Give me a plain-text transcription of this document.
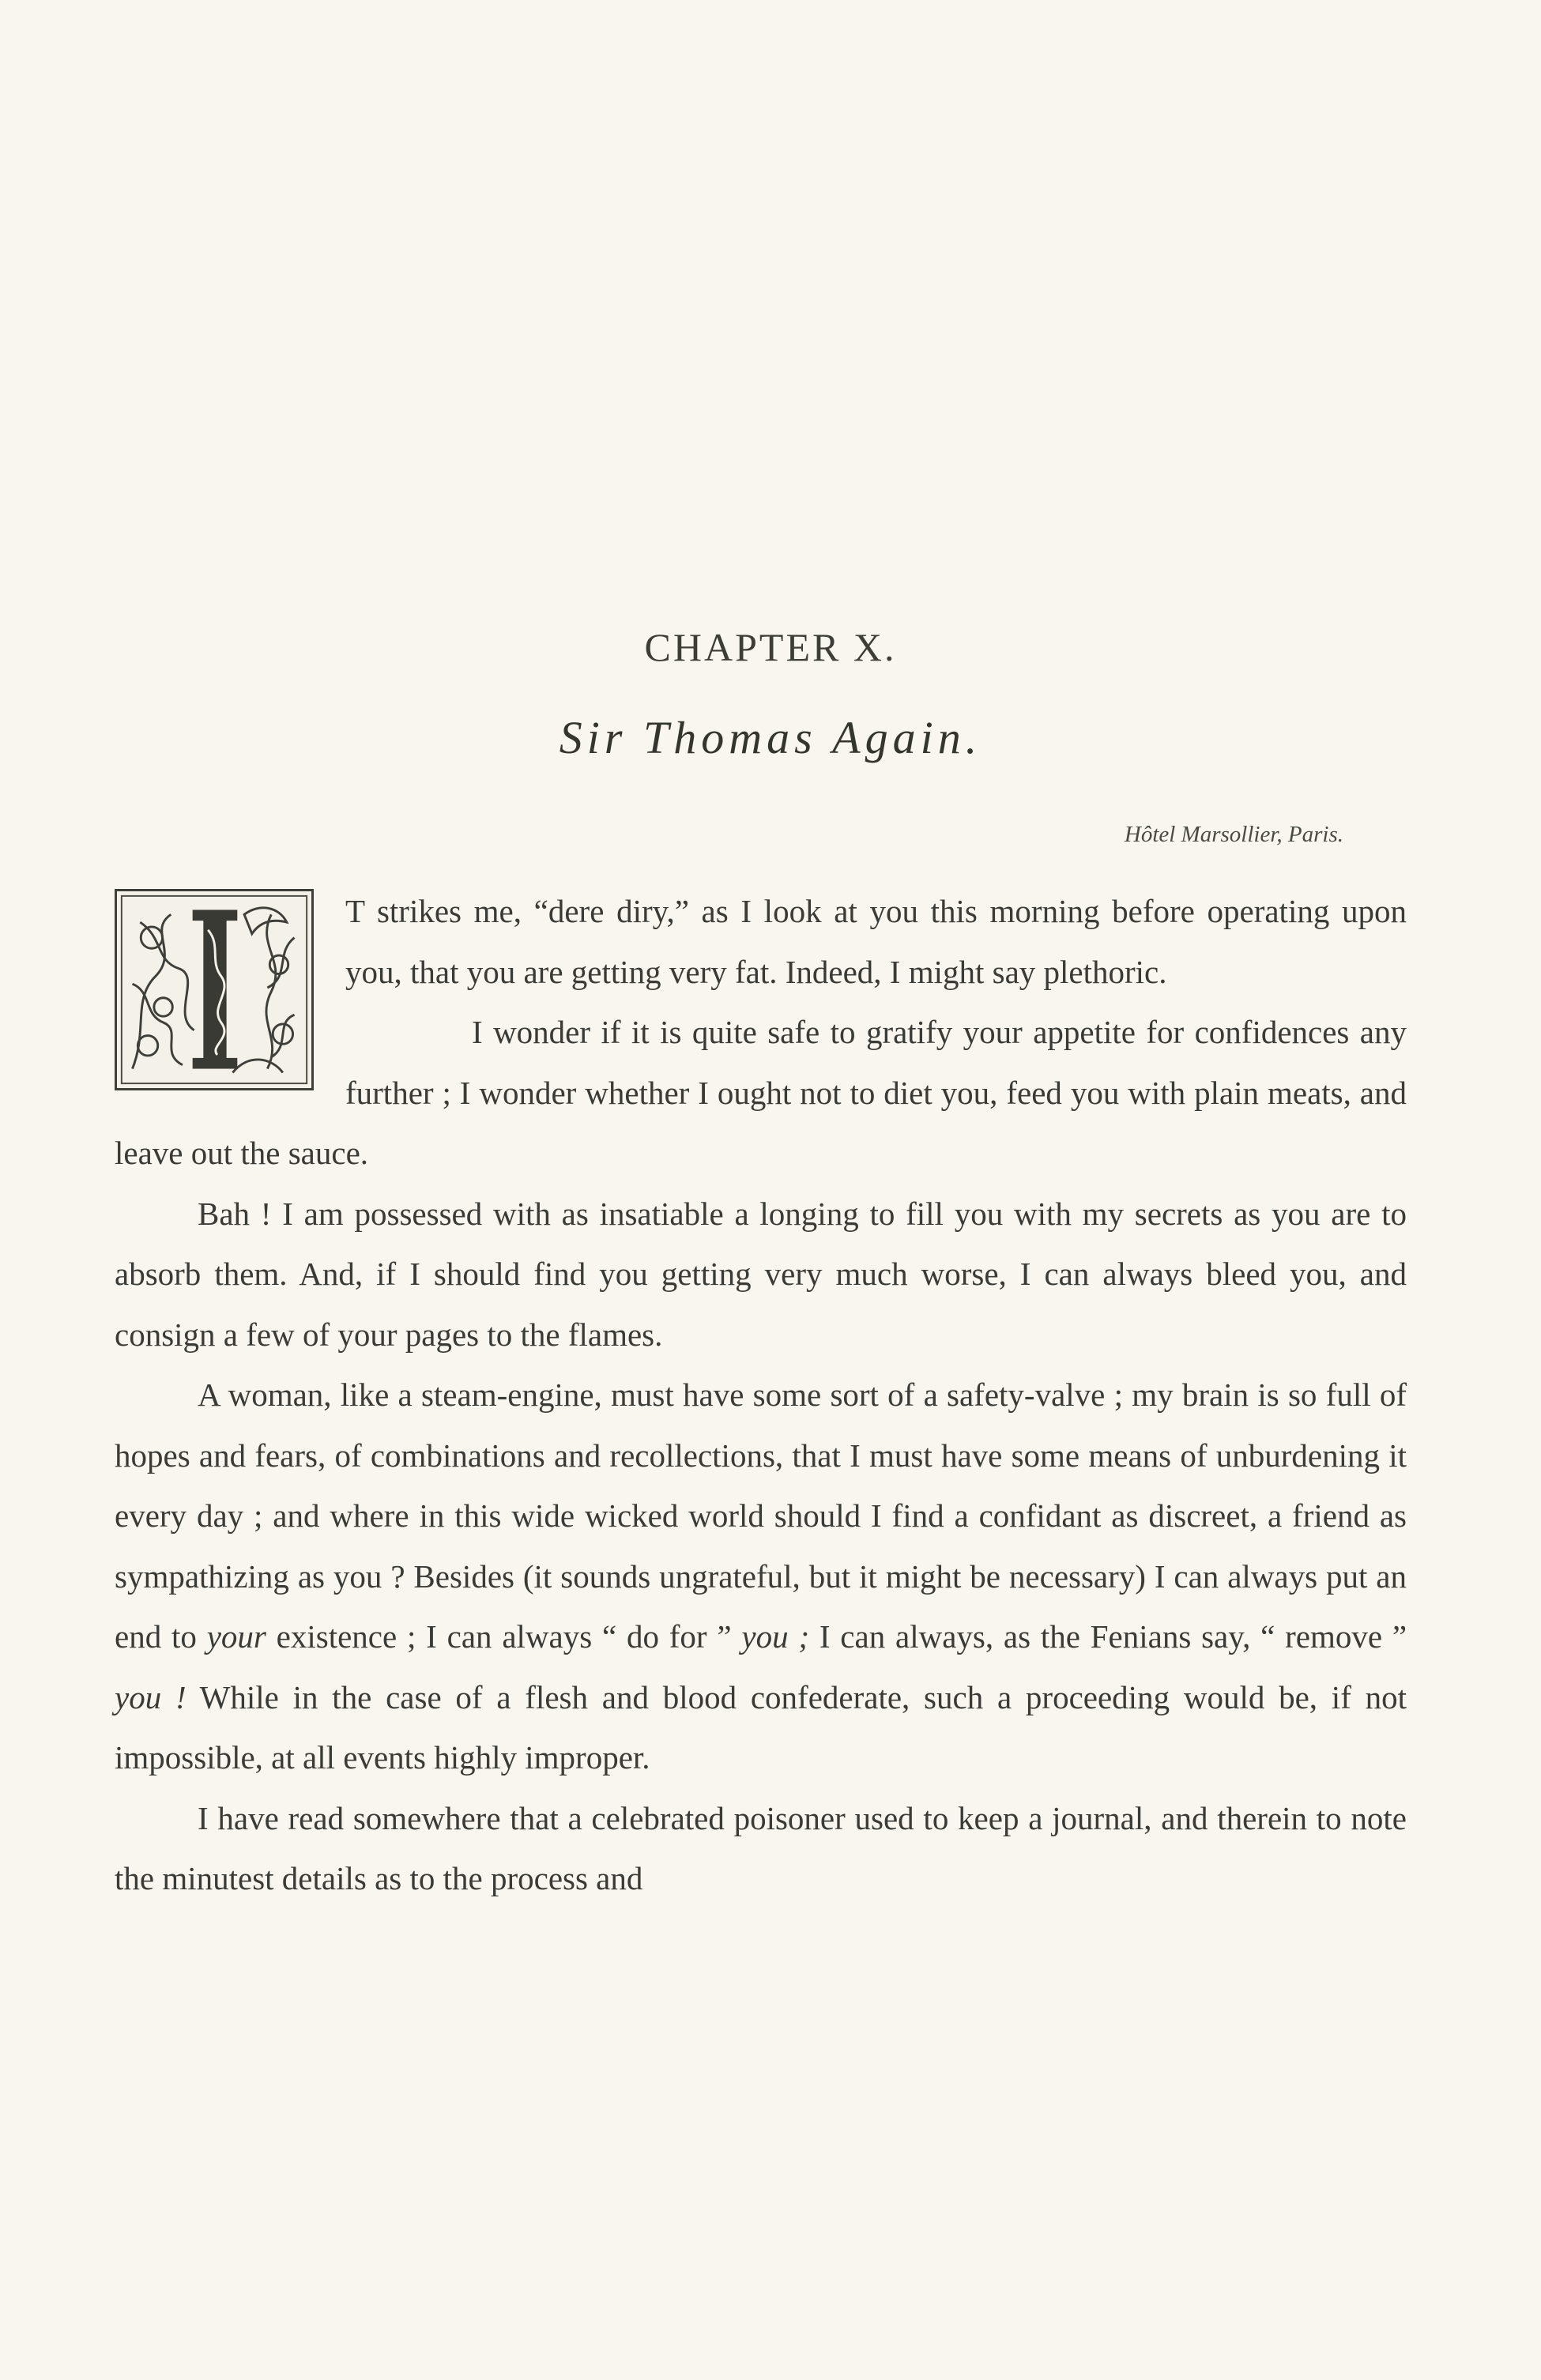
CHAPTER X.
Sir Thomas Again.
Hôtel Marsollier, Paris.

T strikes me, “dere diry,” as I look at you this morning before operating upon you, that you are getting very fat. Indeed, I might say plethoric.

I wonder if it is quite safe to gratify your appetite for confidences any further ; I wonder whether I ought not to diet you, feed you with plain meats, and leave out the sauce.

Bah ! I am possessed with as insatiable a longing to fill you with my secrets as you are to absorb them. And, if I should find you getting very much worse, I can always bleed you, and consign a few of your pages to the flames.

A woman, like a steam-engine, must have some sort of a safety-valve ; my brain is so full of hopes and fears, of combinations and recollections, that I must have some means of unburdening it every day ; and where in this wide wicked world should I find a confidant as discreet, a friend as sympathizing as you ? Besides (it sounds ungrateful, but it might be necessary) I can always put an end to your existence ; I can always “ do for ” you ; I can always, as the Fenians say, “ remove ” you ! While in the case of a flesh and blood confederate, such a proceeding would be, if not impossible, at all events highly improper.

I have read somewhere that a celebrated poisoner used to keep a journal, and therein to note the minutest details as to the process and
